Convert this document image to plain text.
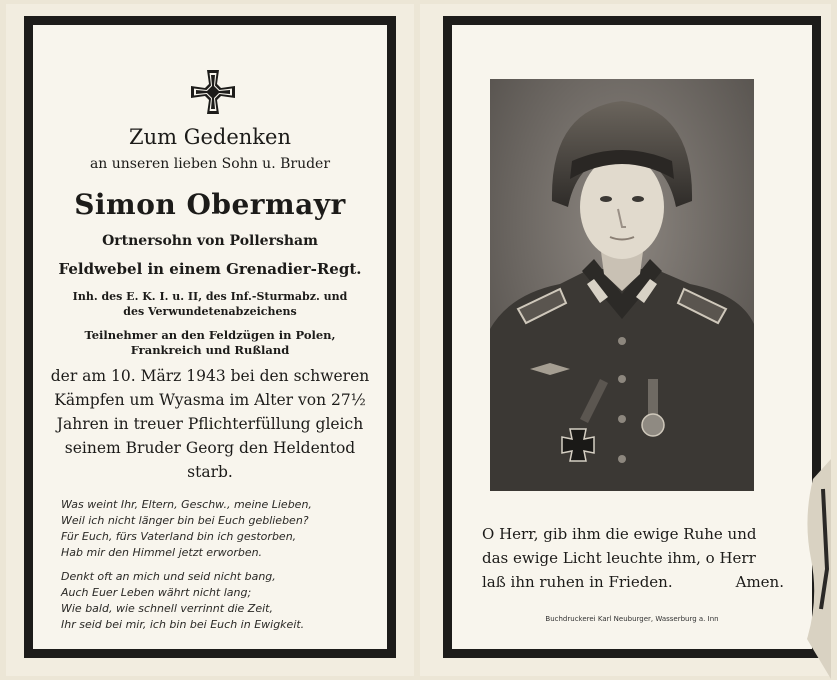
Zum Gedenken
an unseren lieben Sohn u. Bruder
Simon Obermayr
Ortnersohn von Pollersham
Feldwebel in einem Grenadier-Regt.
Inh. des E. K. I. u. II, des Inf.-Sturmabz. und
des Verwundetenabzeichens
Teilnehmer an den Feldzügen in Polen,
Frankreich und Rußland
der am 10. März 1943 bei den schweren
Kämpfen um Wyasma im Alter von 27½
Jahren in treuer Pflichterfüllung gleich
seinem Bruder Georg den Heldentod
starb.
Was weint Ihr, Eltern, Geschw., meine Lieben,
Weil ich nicht länger bin bei Euch geblieben?
Für Euch, fürs Vaterland bin ich gestorben,
Hab mir den Himmel jetzt erworben.
Denkt oft an mich und seid nicht bang,
Auch Euer Leben währt nicht lang;
Wie bald, wie schnell verrinnt die Zeit,
Ihr seid bei mir, ich bin bei Euch in Ewigkeit.
O Herr, gib ihm die ewige Ruhe und
das ewige Licht leuchte ihm, o Herr
laß ihn ruhen in Frieden.	Amen.
Buchdruckerei Karl Neuburger, Wasserburg a. Inn
